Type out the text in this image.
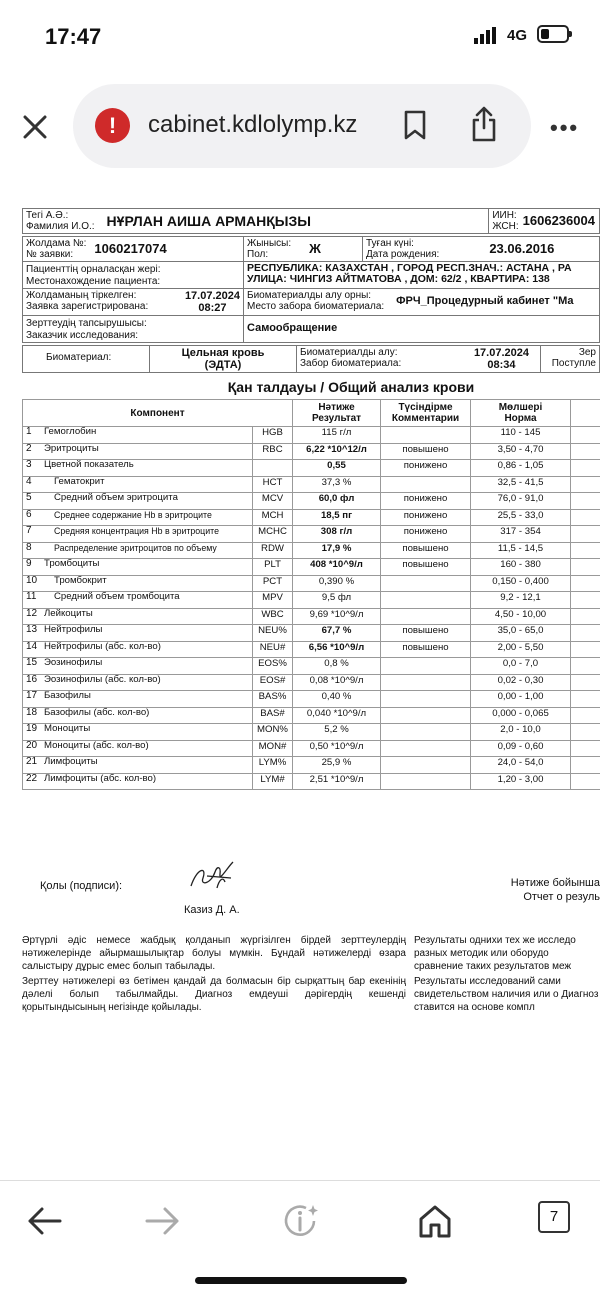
17:47	4G
!	cabinet.kdlolymp.kz	•••
Тегі А.Ә.:
Фамилия И.О.: НҰРЛАН АИША АРМАНҚЫЗЫ	ИИН:
ЖСН: 1606236004
Жолдама №:
№ заявки: 1060217074	Жынысы:
Пол: Ж	Туған күні:
Дата рождения: 23.06.2016
Пациенттің орналасқан жері:
Местонахождение пациента:	РЕСПУБЛИКА: КАЗАХСТАН , ГОРОД РЕСП.ЗНАЧ.: АСТАНА , РА
УЛИЦА: ЧИНГИЗ АЙТМАТОВА , ДОМ: 62/2 , КВАРТИРА: 138	

Жолдаманың тіркелген:
Заявка зарегистрирована:
17.07.2024
08:27	Биоматериалды алу орны:
Место забора биоматериала: ФРЧ_Процедурный кабинет "Ма	
Зерттеудің тапсырушысы:
Заказчик исследования:	Самообращение	
Биоматериал:	Цельная кровь
(ЭДТА)	
Биоматериалды алу:
Забор биоматериала:
17.07.2024
08:34

Зер
Поступле
Қан талдауы / Общий анализ крови
Компонент		Нәтиже
Результат	Түсіндірме
Комментарии	Мөлшері
Норма	
1 Гемоглобин	HGB	115 г/л		110 - 145	
2 Эритроциты	RBC	6,22 *10^12/л	повышено	3,50 - 4,70	
3 Цветной показатель		0,55	понижено	0,86 - 1,05	
4 Гематокрит	HCT	37,3 %		32,5 - 41,5	
5 Средний объем эритроцита	MCV	60,0 фл	понижено	76,0 - 91,0	
6 Среднее содержание Hb в эритроците	MCH	18,5 пг	понижено	25,5 - 33,0	
7 Средняя концентрация Hb в эритроците	MCHC	308 г/л	понижено	317 - 354	
8 Распределение эритроцитов по объему	RDW	17,9 %	повышено	11,5 - 14,5	
9 Тромбоциты	PLT	408 *10^9/л	повышено	160 - 380	
10 Тромбокрит	PCT	0,390 %		0,150 - 0,400	
11 Средний объем тромбоцита	MPV	9,5 фл		9,2 - 12,1	
12 Лейкоциты	WBC	9,69 *10^9/л		4,50 - 10,00	
13 Нейтрофилы	NEU%	67,7 %	повышено	35,0 - 65,0	
14 Нейтрофилы (абс. кол-во)	NEU#	6,56 *10^9/л	повышено	2,00 - 5,50	
15 Эозинофилы	EOS%	0,8 %		0,0 - 7,0	
16 Эозинофилы (абс. кол-во)	EOS#	0,08 *10^9/л		0,02 - 0,30	
17 Базофилы	BAS%	0,40 %		0,00 - 1,00	
18 Базофилы (абс. кол-во)	BAS#	0,040 *10^9/л		0,000 - 0,065	
19 Моноциты	MON%	5,2 %		2,0 - 10,0	
20 Моноциты (абс. кол-во)	MON#	0,50 *10^9/л		0,09 - 0,60	
21 Лимфоциты	LYM%	25,9 %		24,0 - 54,0	
22 Лимфоциты (абс. кол-во)	LYM#	2,51 *10^9/л		1,20 - 3,00	
Қолы (подписи):
Казиз Д. А.
Нәтиже бойынша
Отчет о резуль
Әртүрлі әдіс немесе жабдық қолданып жүргізілген бірдей зерттеулердің нәтижелерінде айырмашылықтар болуы мүмкін. Бұндай нәтижелерді өзара салыстыру дұрыс емес болып табылады.
Зерттеу нәтижелері өз бетімен қандай да болмасын бір сырқаттың бар екенінің дәлелі болып табылмайды. Диагноз емдеушi дәрiгердiң кешендi қорытындысының негiзiнде қойылады.
Результаты однихи тех же исследо разных методик или оборудо сравнение таких результатов меж
Результаты исследований сами свидетельством наличия или о Диагноз ставится на основе компл
7
